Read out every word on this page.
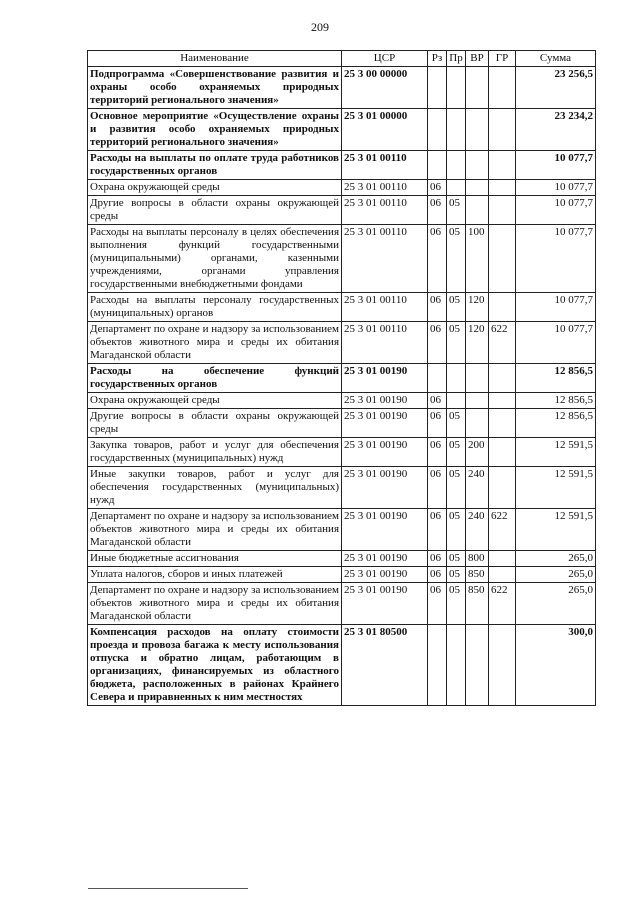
209
Наименование	ЦСР	Рз	Пр	ВР	ГР	Сумма
Подпрограмма «Совершенствование развития и охраны особо охраняемых природных территорий регионального значения»	25 3 00 00000					23 256,5
Основное мероприятие «Осуществление охраны и развития особо охраняемых природных территорий регионального значения»	25 3 01 00000					23 234,2
Расходы на выплаты по оплате труда работников государственных органов	25 3 01 00110					10 077,7
Охрана окружающей среды	25 3 01 00110	06				10 077,7
Другие вопросы в области охраны окружающей среды	25 3 01 00110	06	05			10 077,7
Расходы на выплаты персоналу в целях обеспечения выполнения функций государственными (муниципальными) органами, казенными учреждениями, органами управления государственными внебюджетными фондами	25 3 01 00110	06	05	100		10 077,7
Расходы на выплаты персоналу государственных (муниципальных) органов	25 3 01 00110	06	05	120		10 077,7
Департамент по охране и надзору за использованием объектов животного мира и среды их обитания Магаданской области	25 3 01 00110	06	05	120	622	10 077,7
Расходы на обеспечение функций государственных органов	25 3 01 00190					12 856,5
Охрана окружающей среды	25 3 01 00190	06				12 856,5
Другие вопросы в области охраны окружающей среды	25 3 01 00190	06	05			12 856,5
Закупка товаров, работ и услуг для обеспечения государственных (муниципальных) нужд	25 3 01 00190	06	05	200		12 591,5
Иные закупки товаров, работ и услуг для обеспечения государственных (муниципальных) нужд	25 3 01 00190	06	05	240		12 591,5
Департамент по охране и надзору за использованием объектов животного мира и среды их обитания Магаданской области	25 3 01 00190	06	05	240	622	12 591,5
Иные бюджетные ассигнования	25 3 01 00190	06	05	800		265,0
Уплата налогов, сборов и иных платежей	25 3 01 00190	06	05	850		265,0
Департамент по охране и надзору за использованием объектов животного мира и среды их обитания Магаданской области	25 3 01 00190	06	05	850	622	265,0
Компенсация расходов на оплату стоимости проезда и провоза багажа к месту использования отпуска и обратно лицам, работающим в организациях, финансируемых из областного бюджета, расположенных в районах Крайнего Севера и приравненных к ним местностях	25 3 01 80500					300,0
